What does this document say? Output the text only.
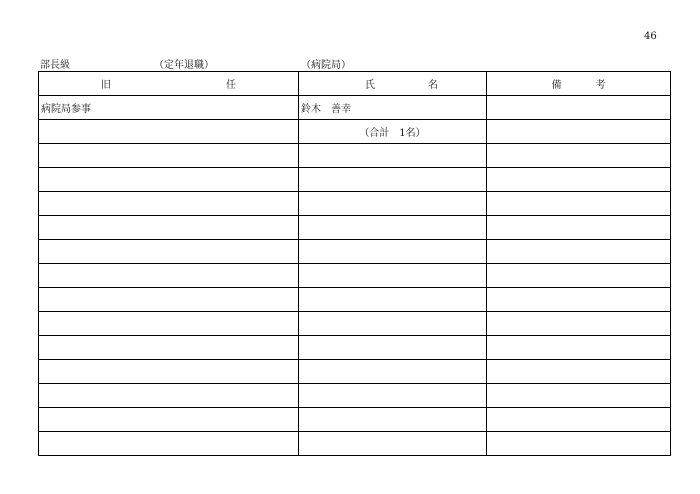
46
部長級	（定年退職）	（病院局）
旧 任	氏 名	備 考

病院局参事	鈴木　善幸	
	（合計　1名）	
